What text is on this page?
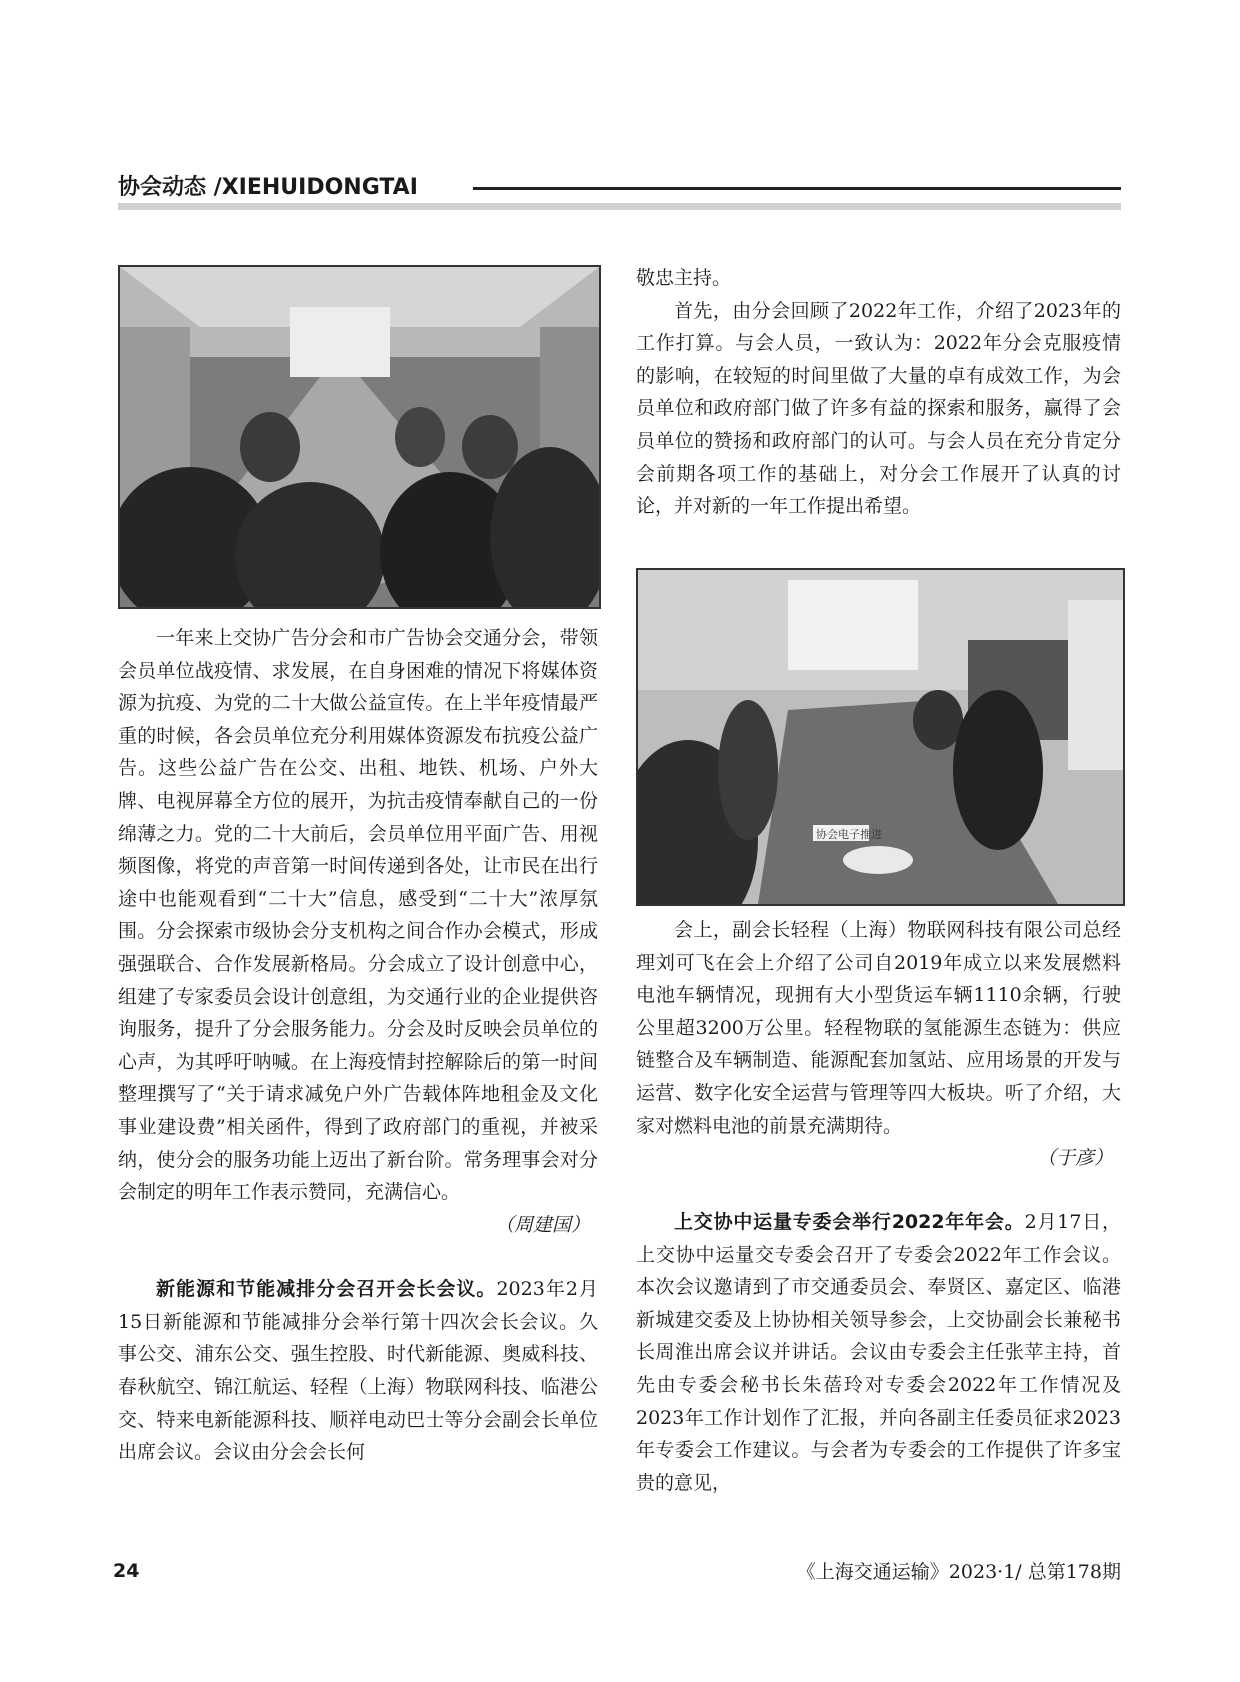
协会动态 /XIEHUIDONGTAI

一年来上交协广告分会和市广告协会交通分会，带领会员单位战疫情、求发展，在自身困难的情况下将媒体资源为抗疫、为党的二十大做公益宣传。在上半年疫情最严重的时候，各会员单位充分利用媒体资源发布抗疫公益广告。这些公益广告在公交、出租、地铁、机场、户外大牌、电视屏幕全方位的展开，为抗击疫情奉献自己的一份绵薄之力。党的二十大前后，会员单位用平面广告、用视频图像，将党的声音第一时间传递到各处，让市民在出行途中也能观看到“二十大”信息，感受到“二十大”浓厚氛围。分会探索市级协会分支机构之间合作办会模式，形成强强联合、合作发展新格局。分会成立了设计创意中心，组建了专家委员会设计创意组，为交通行业的企业提供咨询服务，提升了分会服务能力。分会及时反映会员单位的心声，为其呼吁呐喊。在上海疫情封控解除后的第一时间整理撰写了“关于请求减免户外广告载体阵地租金及文化事业建设费”相关函件，得到了政府部门的重视，并被采纳，使分会的服务功能上迈出了新台阶。常务理事会对分会制定的明年工作表示赞同，充满信心。

（周建国）

新能源和节能减排分会召开会长会议。2023年2月15日新能源和节能减排分会举行第十四次会长会议。久事公交、浦东公交、强生控股、时代新能源、奥威科技、春秋航空、锦江航运、轻程（上海）物联网科技、临港公交、特来电新能源科技、顺祥电动巴士等分会副会长单位出席会议。会议由分会会长何

敬忠主持。

首先，由分会回顾了2022年工作，介绍了2023年的工作打算。与会人员，一致认为：2022年分会克服疫情的影响，在较短的时间里做了大量的卓有成效工作，为会员单位和政府部门做了许多有益的探索和服务，赢得了会员单位的赞扬和政府部门的认可。与会人员在充分肯定分会前期各项工作的基础上，对分会工作展开了认真的讨论，并对新的一年工作提出希望。

协会电子推进

会上，副会长轻程（上海）物联网科技有限公司总经理刘可飞在会上介绍了公司自2019年成立以来发展燃料电池车辆情况，现拥有大小型货运车辆1110余辆，行驶公里超3200万公里。轻程物联的氢能源生态链为：供应链整合及车辆制造、能源配套加氢站、应用场景的开发与运营、数字化安全运营与管理等四大板块。听了介绍，大家对燃料电池的前景充满期待。

（于彦）

上交协中运量专委会举行2022年年会。2月17日，上交协中运量交专委会召开了专委会2022年工作会议。本次会议邀请到了市交通委员会、奉贤区、嘉定区、临港新城建交委及上协协相关领导参会，上交协副会长兼秘书长周淮出席会议并讲话。会议由专委会主任张苹主持，首先由专委会秘书长朱蓓玲对专委会2022年工作情况及2023年工作计划作了汇报，并向各副主任委员征求2023年专委会工作建议。与会者为专委会的工作提供了许多宝贵的意见，

24	《上海交通运输》2023·1/ 总第178期
